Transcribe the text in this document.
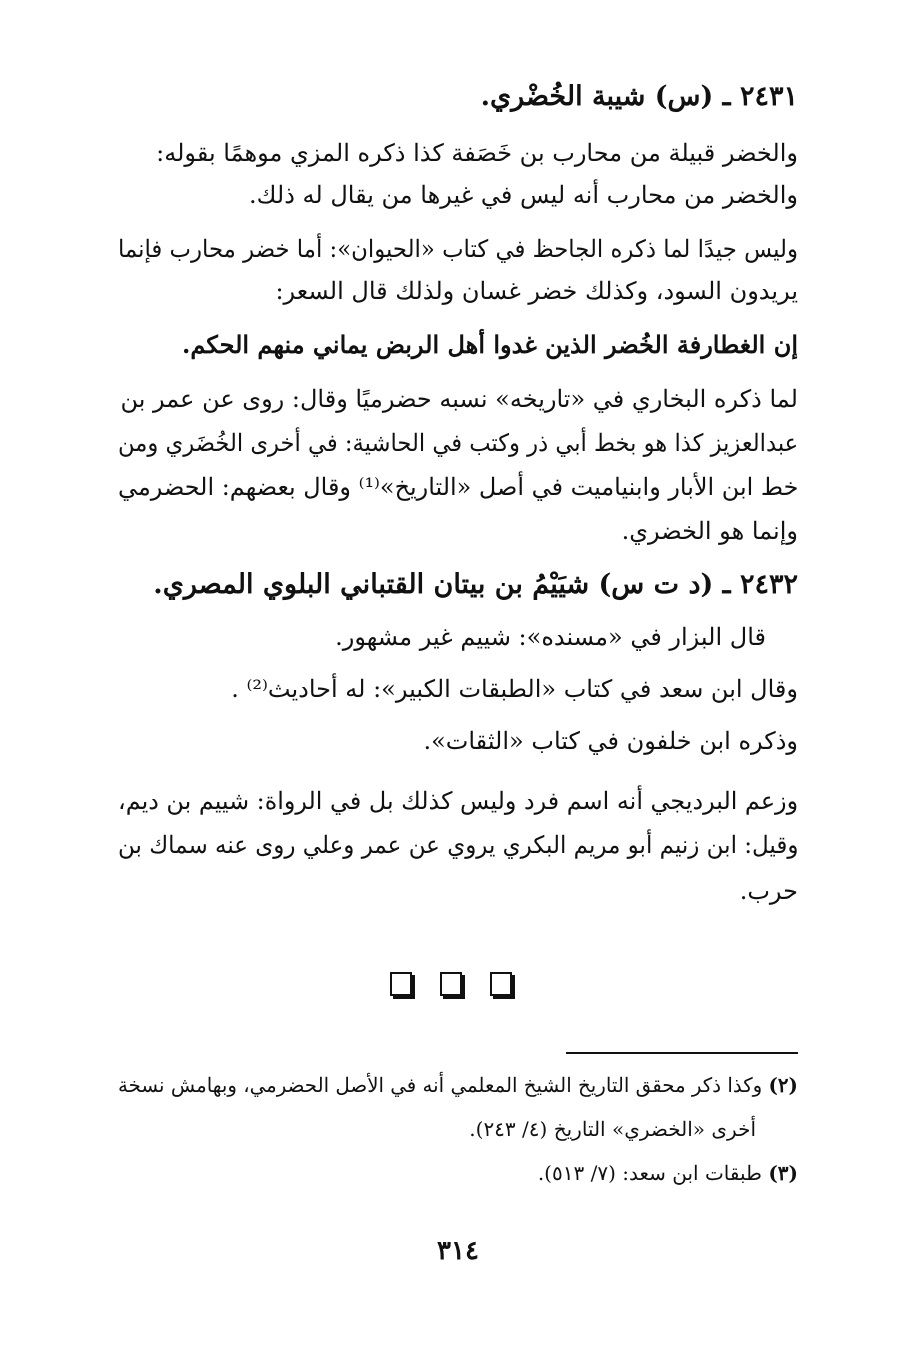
٢٤٣١ ـ (س) شيبة الخُضْري.
والخضر قبيلة من محارب بن خَصَفة كذا ذكره المزي موهمًا بقوله:
والخضر من محارب أنه ليس في غيرها من يقال له ذلك.
وليس جيدًا لما ذكره الجاحظ في كتاب «الحيوان»: أما خضر محارب فإنما
يريدون السود، وكذلك خضر غسان ولذلك قال السعر:
إن الغطارفة الخُضر الذين غدوا أهل الربض يماني منهم الحكم.
لما ذكره البخاري في «تاريخه» نسبه حضرميًا وقال: روى عن عمر بن
عبدالعزيز كذا هو بخط أبي ذر وكتب في الحاشية: في أخرى الخُضَري ومن
خط ابن الأبار وابنياميت في أصل «التاريخ»⁽¹⁾ وقال بعضهم: الحضرمي
وإنما هو الخضري.
٢٤٣٢ ـ (د ت س) شيَيْمُ بن بيتان القتباني البلوي المصري.
قال البزار في «مسنده»: شييم غير مشهور.
وقال ابن سعد في كتاب «الطبقات الكبير»: له أحاديث⁽²⁾ .
وذكره ابن خلفون في كتاب «الثقات».
وزعم البرديجي أنه اسم فرد وليس كذلك بل في الرواة: شييم بن ديم،
وقيل: ابن زنيم أبو مريم البكري يروي عن عمر وعلي روى عنه سماك بن
حرب.
(٢) وكذا ذكر محقق التاريخ الشيخ المعلمي أنه في الأصل الحضرمي، وبهامش نسخة
أخرى «الخضري» التاريخ (٤/ ٢٤٣).
(٣) طبقات ابن سعد: (٧/ ٥١٣).
٣١٤
